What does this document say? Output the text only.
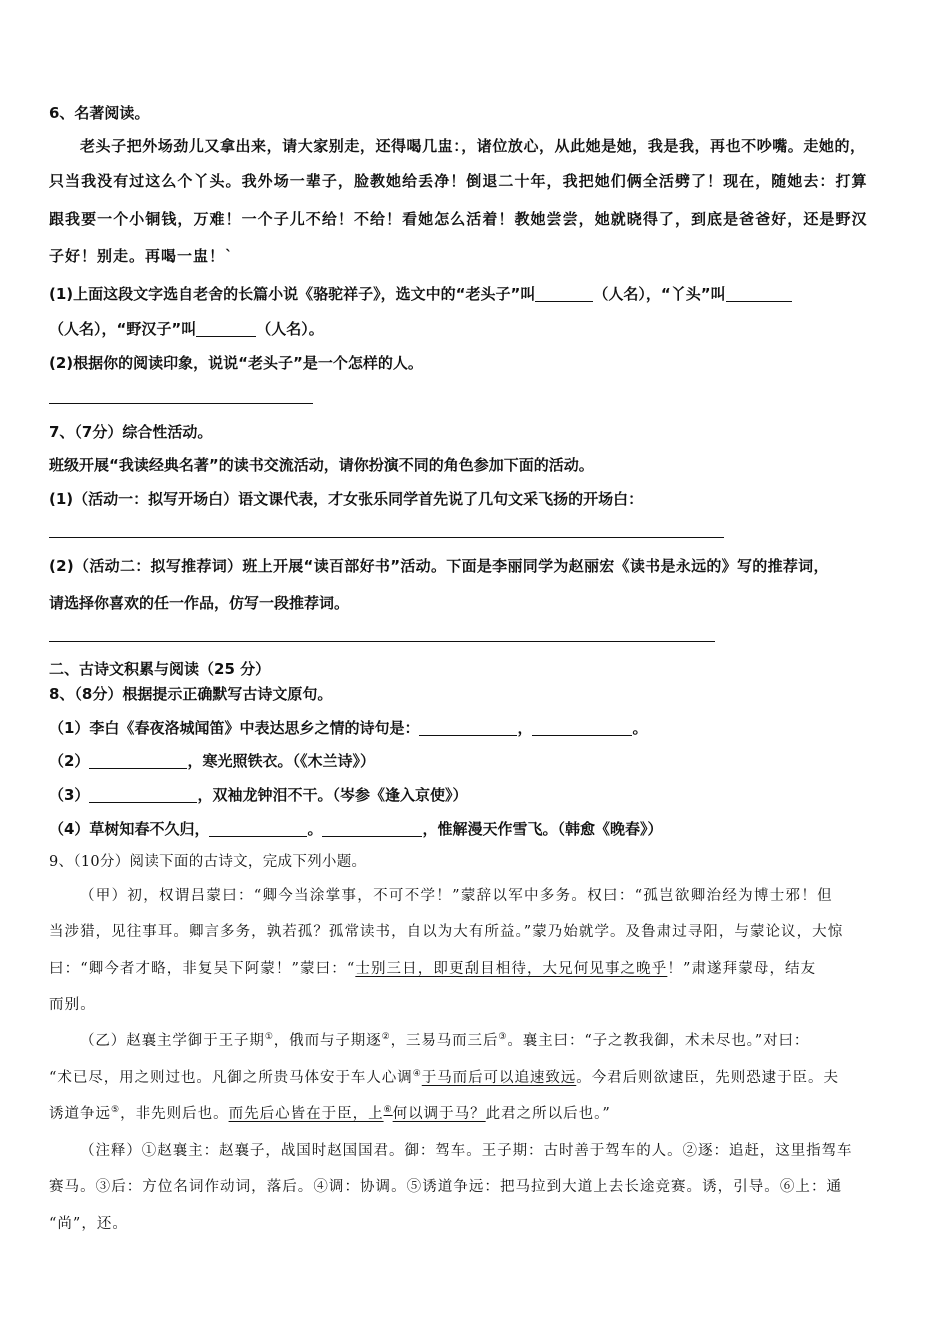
6、名著阅读。
老头子把外场劲儿又拿出来，请大家别走，还得喝几盅：，诸位放心，从此她是她，我是我，再也不吵嘴。走她的，
只当我没有过这么个丫头。我外场一辈子，脸教她给丢净！倒退二十年，我把她们俩全活劈了！现在，随她去：打算
跟我要一个小铜钱，万难！一个子儿不给！不给！看她怎么活着！教她尝尝，她就晓得了，到底是爸爸好，还是野汉
子好！别走。再喝一盅！`
(1)上面这段文字选自老舍的长篇小说《骆驼祥子》，选文中的“老头子”叫	（人名），“丫头”叫
（人名），“野汉子”叫	（人名）。
(2)根据你的阅读印象，说说“老头子”是一个怎样的人。
7、（7分）综合性活动。
班级开展“我读经典名著”的读书交流活动，请你扮演不同的角色参加下面的活动。
(1)（活动一：拟写开场白）语文课代表，才女张乐同学首先说了几句文采飞扬的开场白：
(2)（活动二：拟写推荐词）班上开展“读百部好书”活动。下面是李丽同学为赵丽宏《读书是永远的》写的推荐词，
请选择你喜欢的任一作品，仿写一段推荐词。
二、古诗文积累与阅读（25 分）
8、（8分）根据提示正确默写古诗文原句。
（1）李白《春夜洛城闻笛》中表达思乡之情的诗句是：	，	。
（2）	，寒光照铁衣。（《木兰诗》）
（3）	，双袖龙钟泪不干。（岑参《逢入京使》）
（4）草树知春不久归，	。	，惟解漫天作雪飞。（韩愈《晚春》）
9、（10分）阅读下面的古诗文，完成下列小题。
（甲）初，权谓吕蒙曰：“卿今当涂掌事，不可不学！”蒙辞以军中多务。权曰：“孤岂欲卿治经为博士邪！但
当涉猎，见往事耳。卿言多务，孰若孤？孤常读书，自以为大有所益。”蒙乃始就学。及鲁肃过寻阳，与蒙论议，大惊
曰：“卿今者才略，非复吴下阿蒙！”蒙曰：“士别三日，即更刮目相待，大兄何见事之晚乎！”肃遂拜蒙母，结友
而别。
（乙）赵襄主学御于王子期①，俄而与子期逐②，三易马而三后③。襄主曰：“子之教我御，术未尽也。”对曰：
“术已尽，用之则过也。凡御之所贵马体安于车人心调④于马而后可以追速致远。今君后则欲逮臣，先则恐逮于臣。夫
诱道争远⑤，非先则后也。而先后心皆在于臣，上⑥何以调于马？此君之所以后也。”
（注释）①赵襄主：赵襄子，战国时赵国国君。御：驾车。王子期：古时善于驾车的人。②逐：追赶，这里指驾车
赛马。③后：方位名词作动词，落后。④调：协调。⑤诱道争远：把马拉到大道上去长途竞赛。诱，引导。⑥上：通
“尚”，还。
